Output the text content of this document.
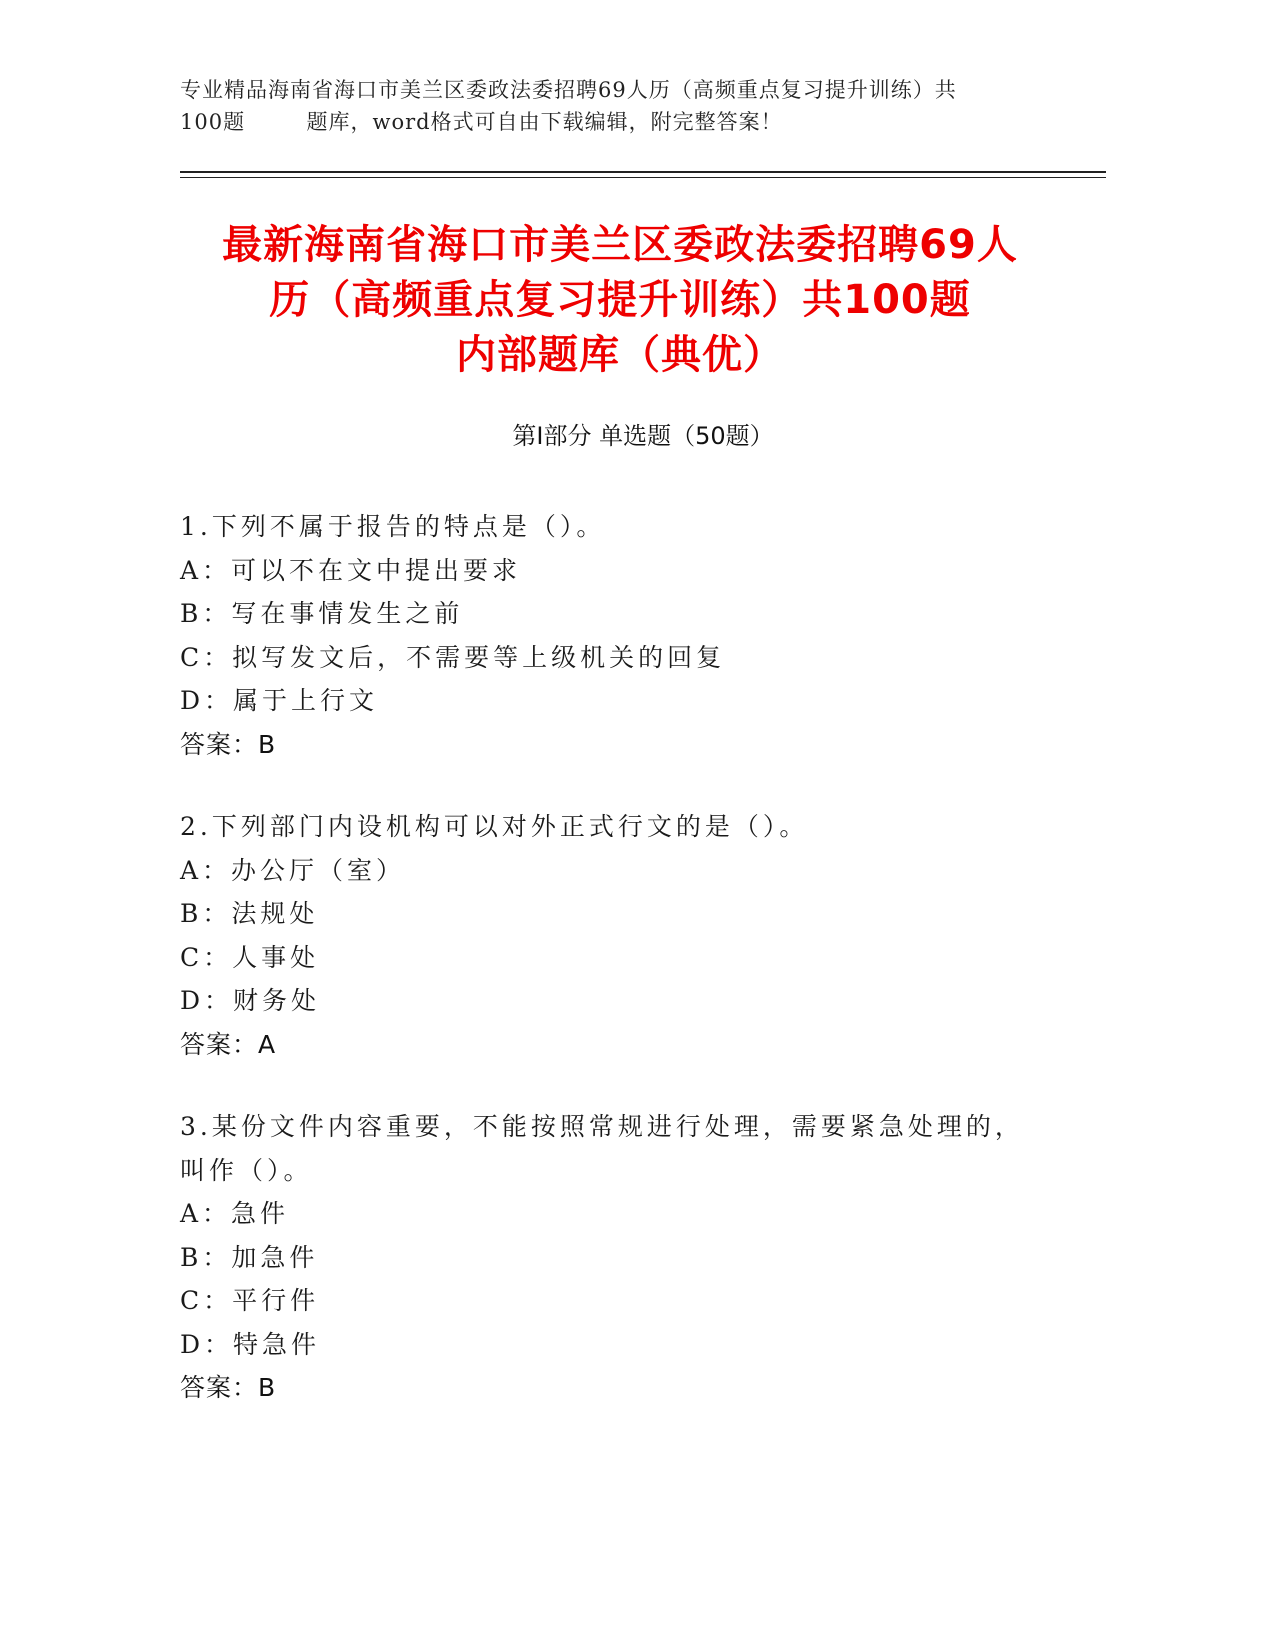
专业精品海南省海口市美兰区委政法委招聘69人历（高频重点复习提升训练）共
100题        题库，word格式可自由下载编辑，附完整答案！
最新海南省海口市美兰区委政法委招聘69人
历（高频重点复习提升训练）共100题
内部题库（典优）
第Ⅰ部分 单选题（50题）
1.下列不属于报告的特点是（）。
A：可以不在文中提出要求
B：写在事情发生之前
C：拟写发文后，不需要等上级机关的回复
D：属于上行文
答案：B
2.下列部门内设机构可以对外正式行文的是（）。
A：办公厅（室）
B：法规处
C：人事处
D：财务处
答案：A
3.某份文件内容重要，不能按照常规进行处理，需要紧急处理的，叫作（）。
A：急件
B：加急件
C：平行件
D：特急件
答案：B
